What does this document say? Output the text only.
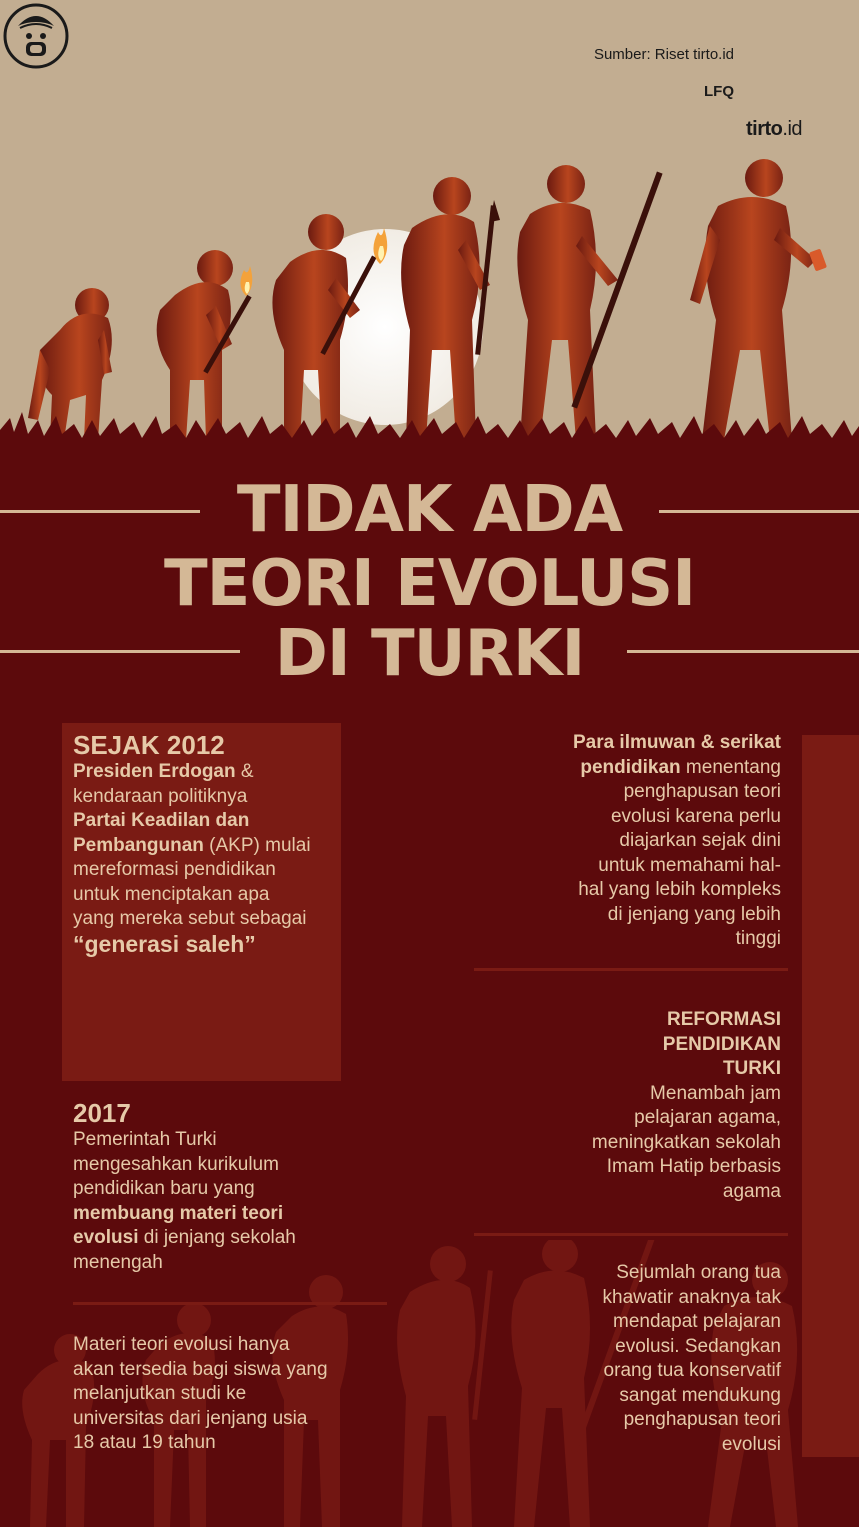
Sumber: Riset tirto.id
LFQ
tirto.id
TIDAK ADA
TEORI EVOLUSI
DI TURKI
SEJAK 2012
Presiden Erdogan &
kendaraan politiknya
Partai Keadilan dan
Pembangunan (AKP) mulai
mereformasi pendidikan
untuk menciptakan apa
yang mereka sebut sebagai
“generasi saleh”
2017
Pemerintah Turki
mengesahkan kurikulum
pendidikan baru yang
membuang materi teori
evolusi di jenjang sekolah
menengah
Materi teori evolusi hanya
akan tersedia bagi siswa yang
melanjutkan studi ke
universitas dari jenjang usia
18 atau 19 tahun
Para ilmuwan & serikat
pendidikan menentang
penghapusan teori
evolusi karena perlu
diajarkan sejak dini
untuk memahami hal-
hal yang lebih kompleks
di jenjang yang lebih
tinggi
REFORMASI
PENDIDIKAN
TURKI
Menambah jam
pelajaran agama,
meningkatkan sekolah
Imam Hatip berbasis
agama
Sejumlah orang tua
khawatir anaknya tak
mendapat pelajaran
evolusi. Sedangkan
orang tua konservatif
sangat mendukung
penghapusan teori
evolusi
